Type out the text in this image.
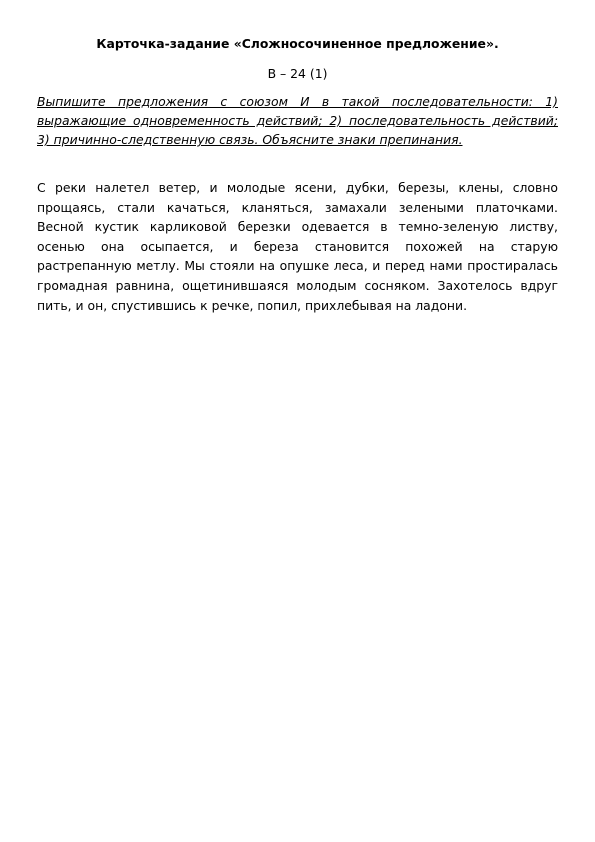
Карточка-задание «Сложносочиненное предложение».
В – 24 (1)

Выпишите предложения с союзом И в такой последовательности: 1) выражающие одновременность действий; 2) последовательность действий; 3) причинно-следственную связь. Объясните знаки препинания.

С реки налетел ветер, и молодые ясени, дубки, березы, клены, словно прощаясь, стали качаться, кланяться, замахали зелеными платочками. Весной кустик карликовой березки одевается в темно-зеленую листву, осенью она осыпается, и береза становится похожей на старую растрепанную метлу. Мы стояли на опушке леса, и перед нами простиралась громадная равнина, ощетинившаяся молодым сосняком. Захотелось вдруг пить, и он, спустившись к речке, попил, прихлебывая на ладони.
